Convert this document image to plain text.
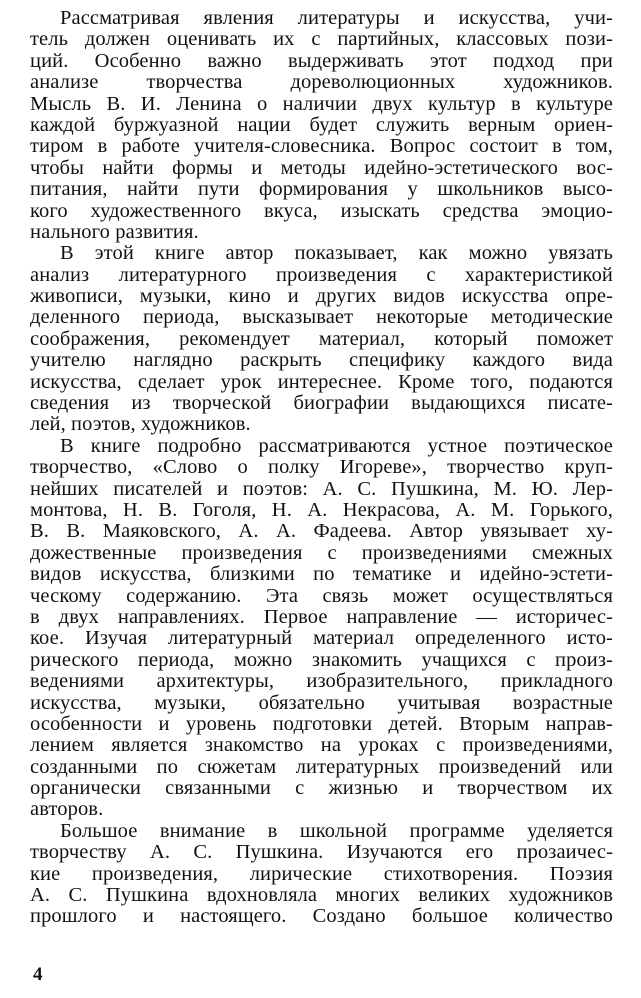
Рассматривая явления литературы и искусства, учи-
тель должен оценивать их с партийных, классовых пози-
ций. Особенно важно выдерживать этот подход при
анализе творчества дореволюционных художников.
Мысль В. И. Ленина о наличии двух культур в культуре
каждой буржуазной нации будет служить верным ориен-
тиром в работе учителя-словесника. Вопрос состоит в том,
чтобы найти формы и методы идейно-эстетического вос-
питания, найти пути формирования у школьников высо-
кого художественного вкуса, изыскать средства эмоцио-
нального развития.
В этой книге автор показывает, как можно увязать
анализ литературного произведения с характеристикой
живописи, музыки, кино и других видов искусства опре-
деленного периода, высказывает некоторые методические
соображения, рекомендует материал, который поможет
учителю наглядно раскрыть специфику каждого вида
искусства, сделает урок интереснее. Кроме того, подаются
сведения из творческой биографии выдающихся писате-
лей, поэтов, художников.
В книге подробно рассматриваются устное поэтическое
творчество, «Слово о полку Игореве», творчество круп-
нейших писателей и поэтов: А. С. Пушкина, М. Ю. Лер-
монтова, Н. В. Гоголя, Н. А. Некрасова, А. М. Горького,
В. В. Маяковского, А. А. Фадеева. Автор увязывает ху-
дожественные произведения с произведениями смежных
видов искусства, близкими по тематике и идейно-эстети-
ческому содержанию. Эта связь может осуществляться
в двух направлениях. Первое направление — историчес-
кое. Изучая литературный материал определенного исто-
рического периода, можно знакомить учащихся с произ-
ведениями архитектуры, изобразительного, прикладного
искусства, музыки, обязательно учитывая возрастные
особенности и уровень подготовки детей. Вторым направ-
лением является знакомство на уроках с произведениями,
созданными по сюжетам литературных произведений или
органически связанными с жизнью и творчеством их
авторов.
Большое внимание в школьной программе уделяется
творчеству А. С. Пушкина. Изучаются его прозаичес-
кие произведения, лирические стихотворения. Поэзия
А. С. Пушкина вдохновляла многих великих художников
прошлого и настоящего. Создано большое количество
4
